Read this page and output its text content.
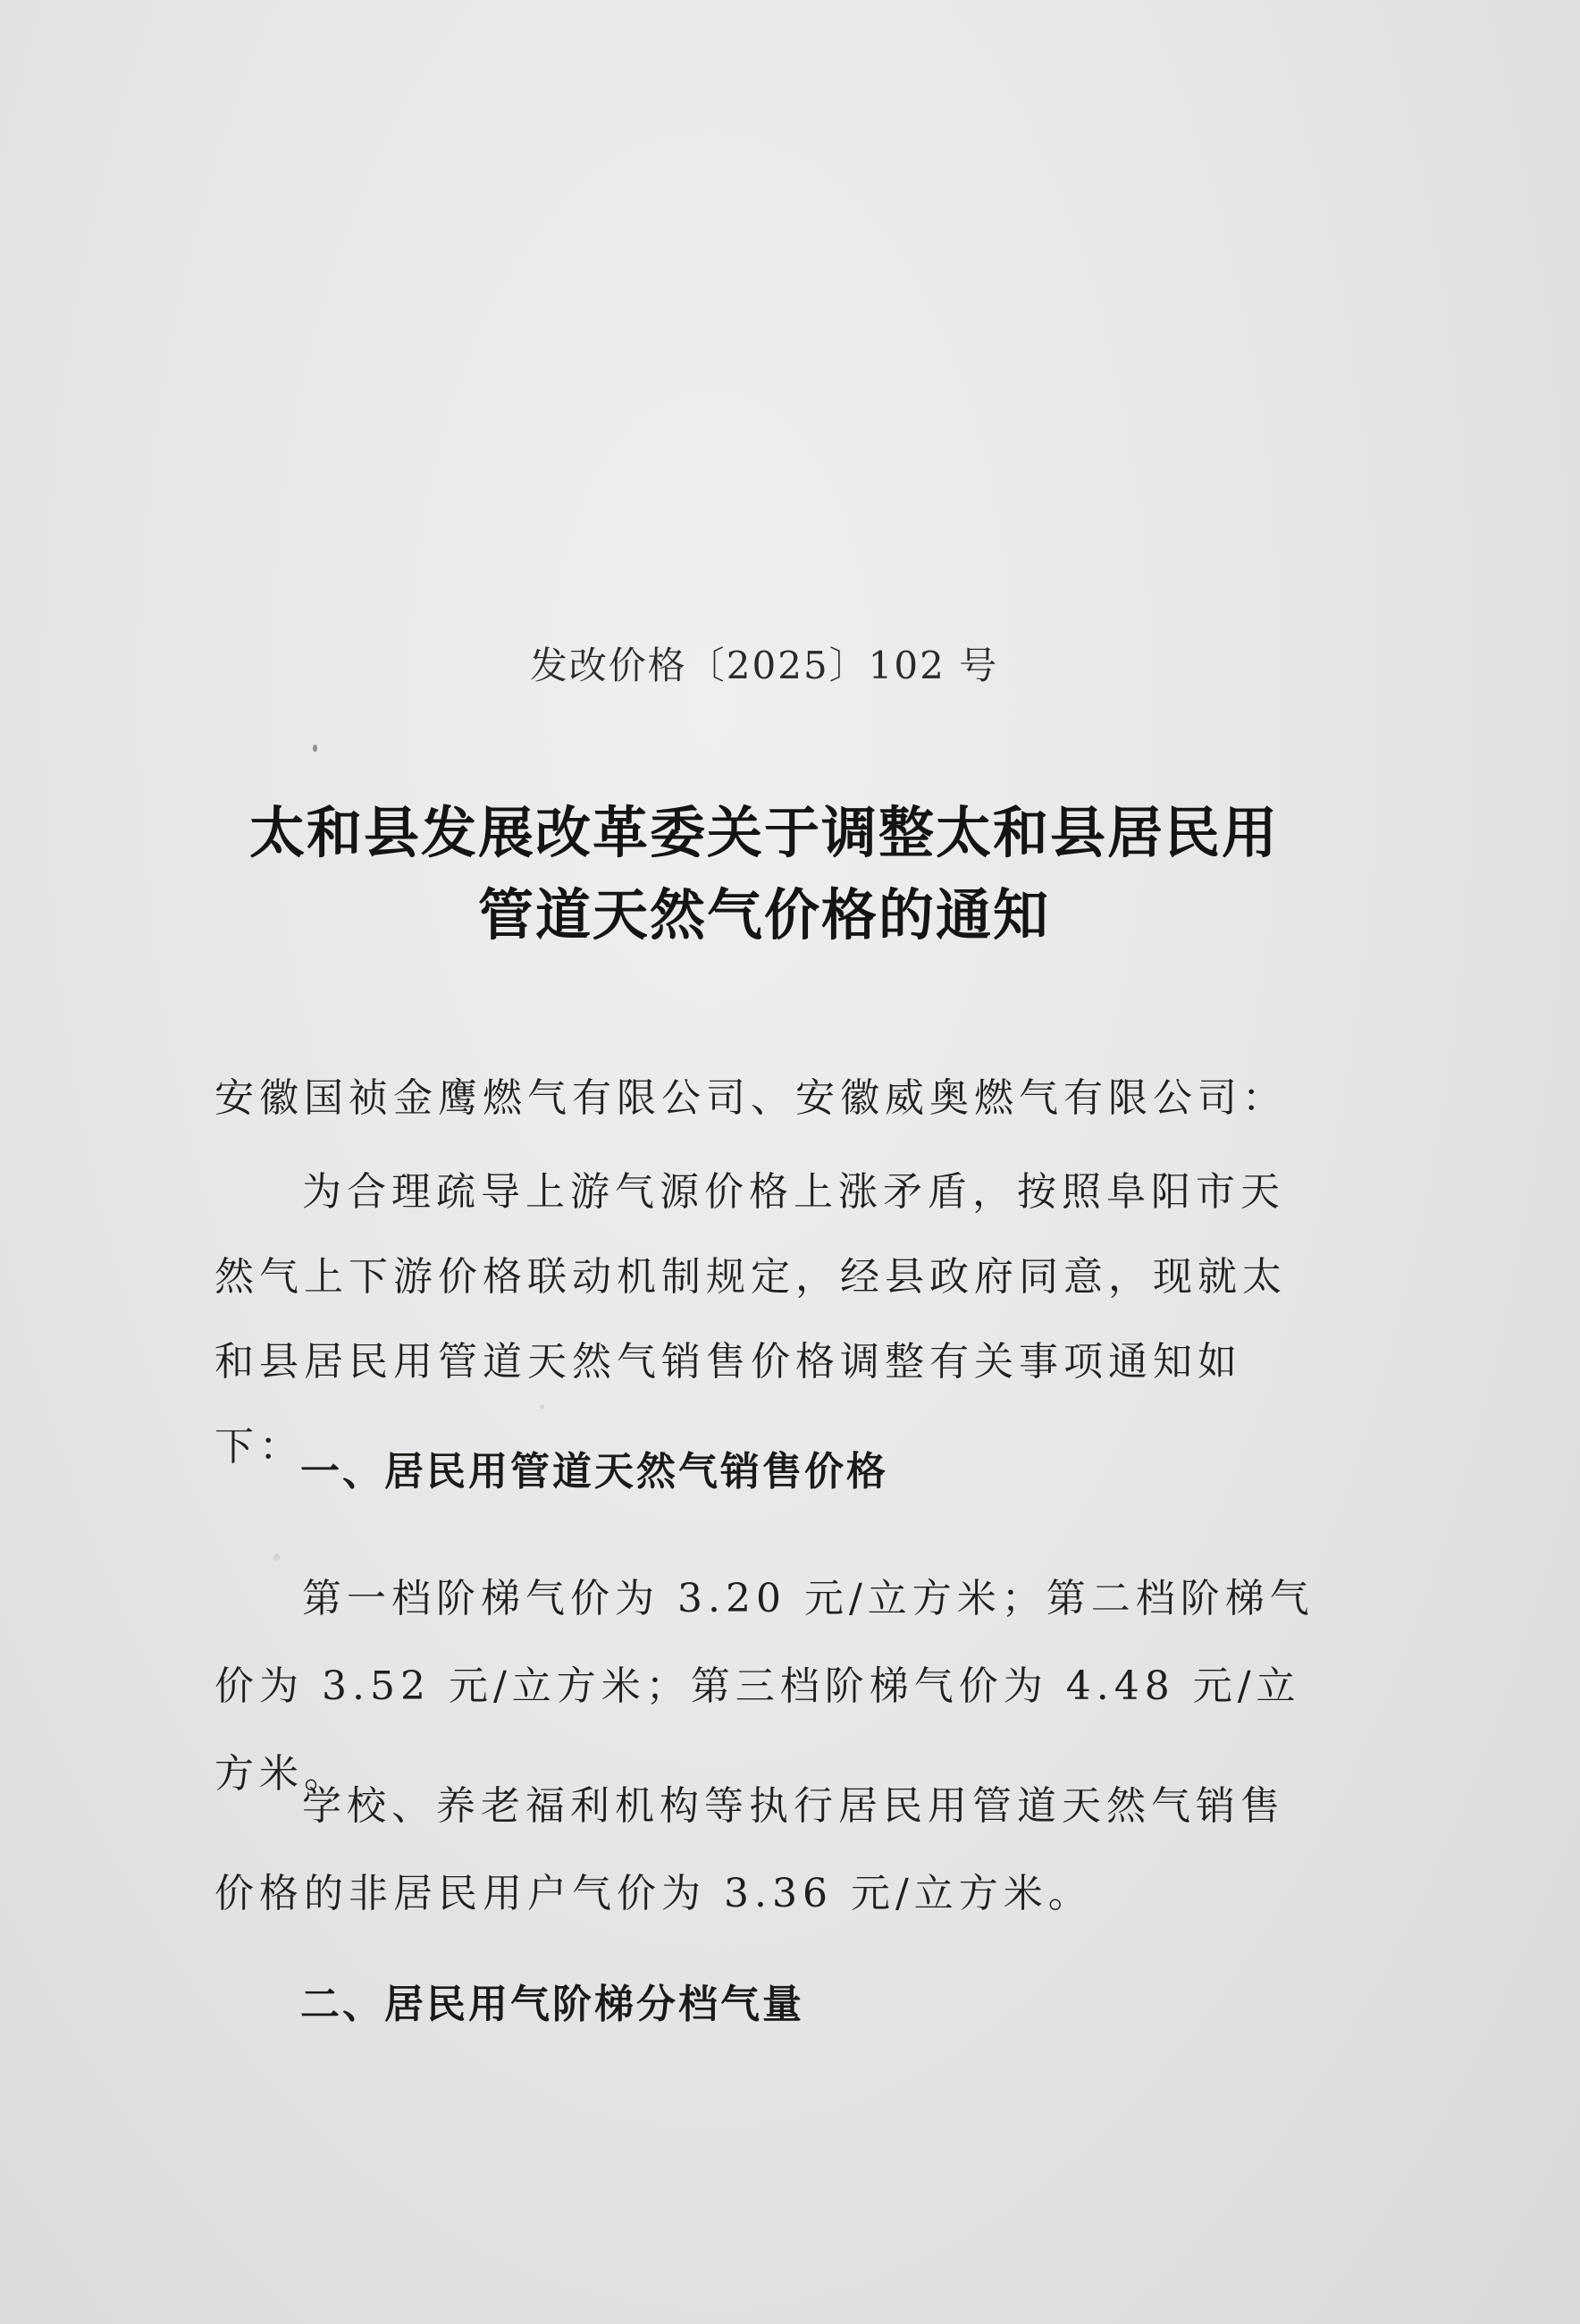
.
.
发改价格〔2025〕102 号
太和县发展改革委关于调整太和县居民用
管道天然气价格的通知
安徽国祯金鹰燃气有限公司、安徽威奥燃气有限公司：
为合理疏导上游气源价格上涨矛盾，按照阜阳市天然气上下游价格联动机制规定，经县政府同意，现就太和县居民用管道天然气销售价格调整有关事项通知如下：
一、居民用管道天然气销售价格
第一档阶梯气价为 3.20 元/立方米；第二档阶梯气价为 3.52 元/立方米；第三档阶梯气价为 4.48 元/立方米。
学校、养老福利机构等执行居民用管道天然气销售价格的非居民用户气价为 3.36 元/立方米。
二、居民用气阶梯分档气量
